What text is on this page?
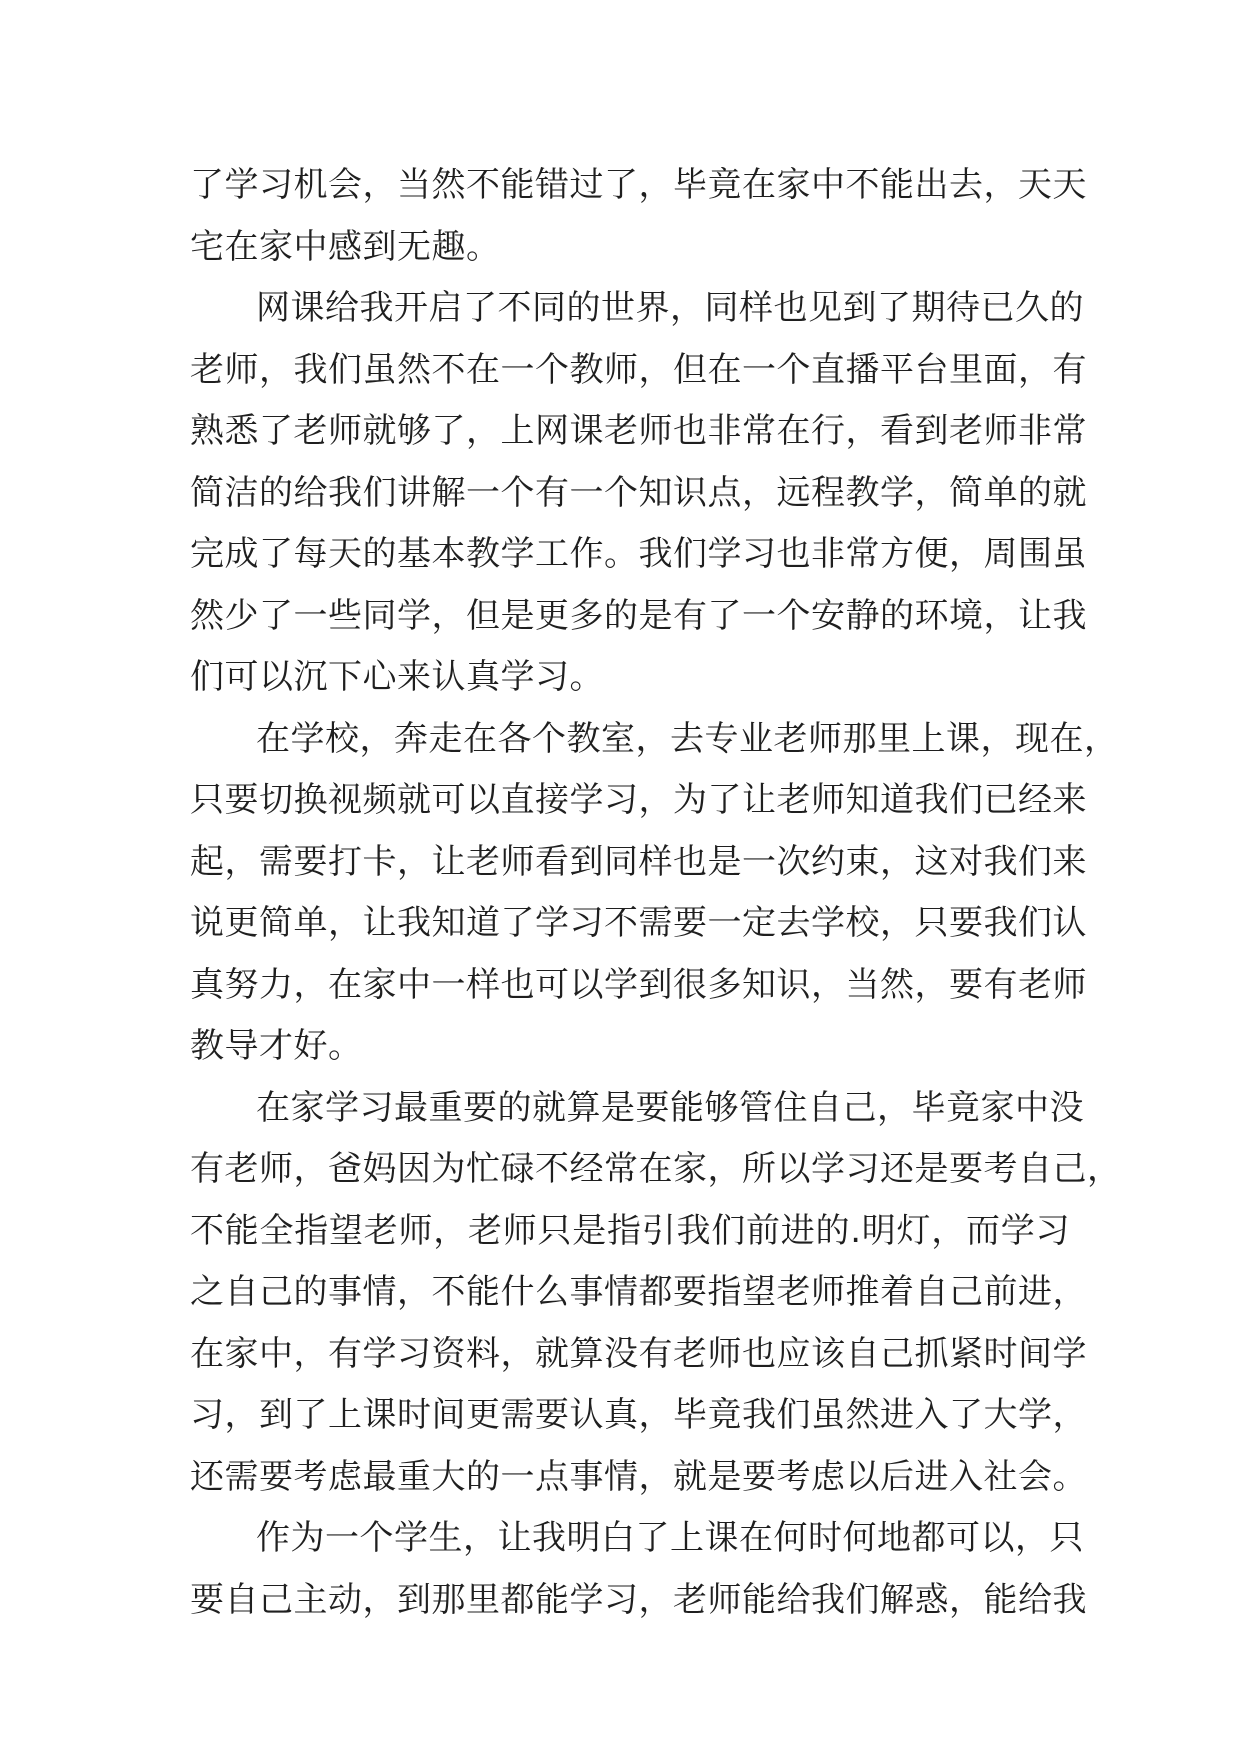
了学习机会，当然不能错过了，毕竟在家中不能出去，天天
宅在家中感到无趣。
网课给我开启了不同的世界，同样也见到了期待已久的
老师，我们虽然不在一个教师，但在一个直播平台里面，有
熟悉了老师就够了，上网课老师也非常在行，看到老师非常
简洁的给我们讲解一个有一个知识点，远程教学，简单的就
完成了每天的基本教学工作。我们学习也非常方便，周围虽
然少了一些同学，但是更多的是有了一个安静的环境，让我
们可以沉下心来认真学习。
在学校，奔走在各个教室，去专业老师那里上课，现在，
只要切换视频就可以直接学习，为了让老师知道我们已经来
起，需要打卡，让老师看到同样也是一次约束，这对我们来
说更简单，让我知道了学习不需要一定去学校，只要我们认
真努力，在家中一样也可以学到很多知识，当然，要有老师
教导才好。
在家学习最重要的就算是要能够管住自己，毕竟家中没
有老师，爸妈因为忙碌不经常在家，所以学习还是要考自己，
不能全指望老师，老师只是指引我们前进的.明灯，而学习
之自己的事情，不能什么事情都要指望老师推着自己前进，
在家中，有学习资料，就算没有老师也应该自己抓紧时间学
习，到了上课时间更需要认真，毕竟我们虽然进入了大学，
还需要考虑最重大的一点事情，就是要考虑以后进入社会。
作为一个学生，让我明白了上课在何时何地都可以，只
要自己主动，到那里都能学习，老师能给我们解惑，能给我
